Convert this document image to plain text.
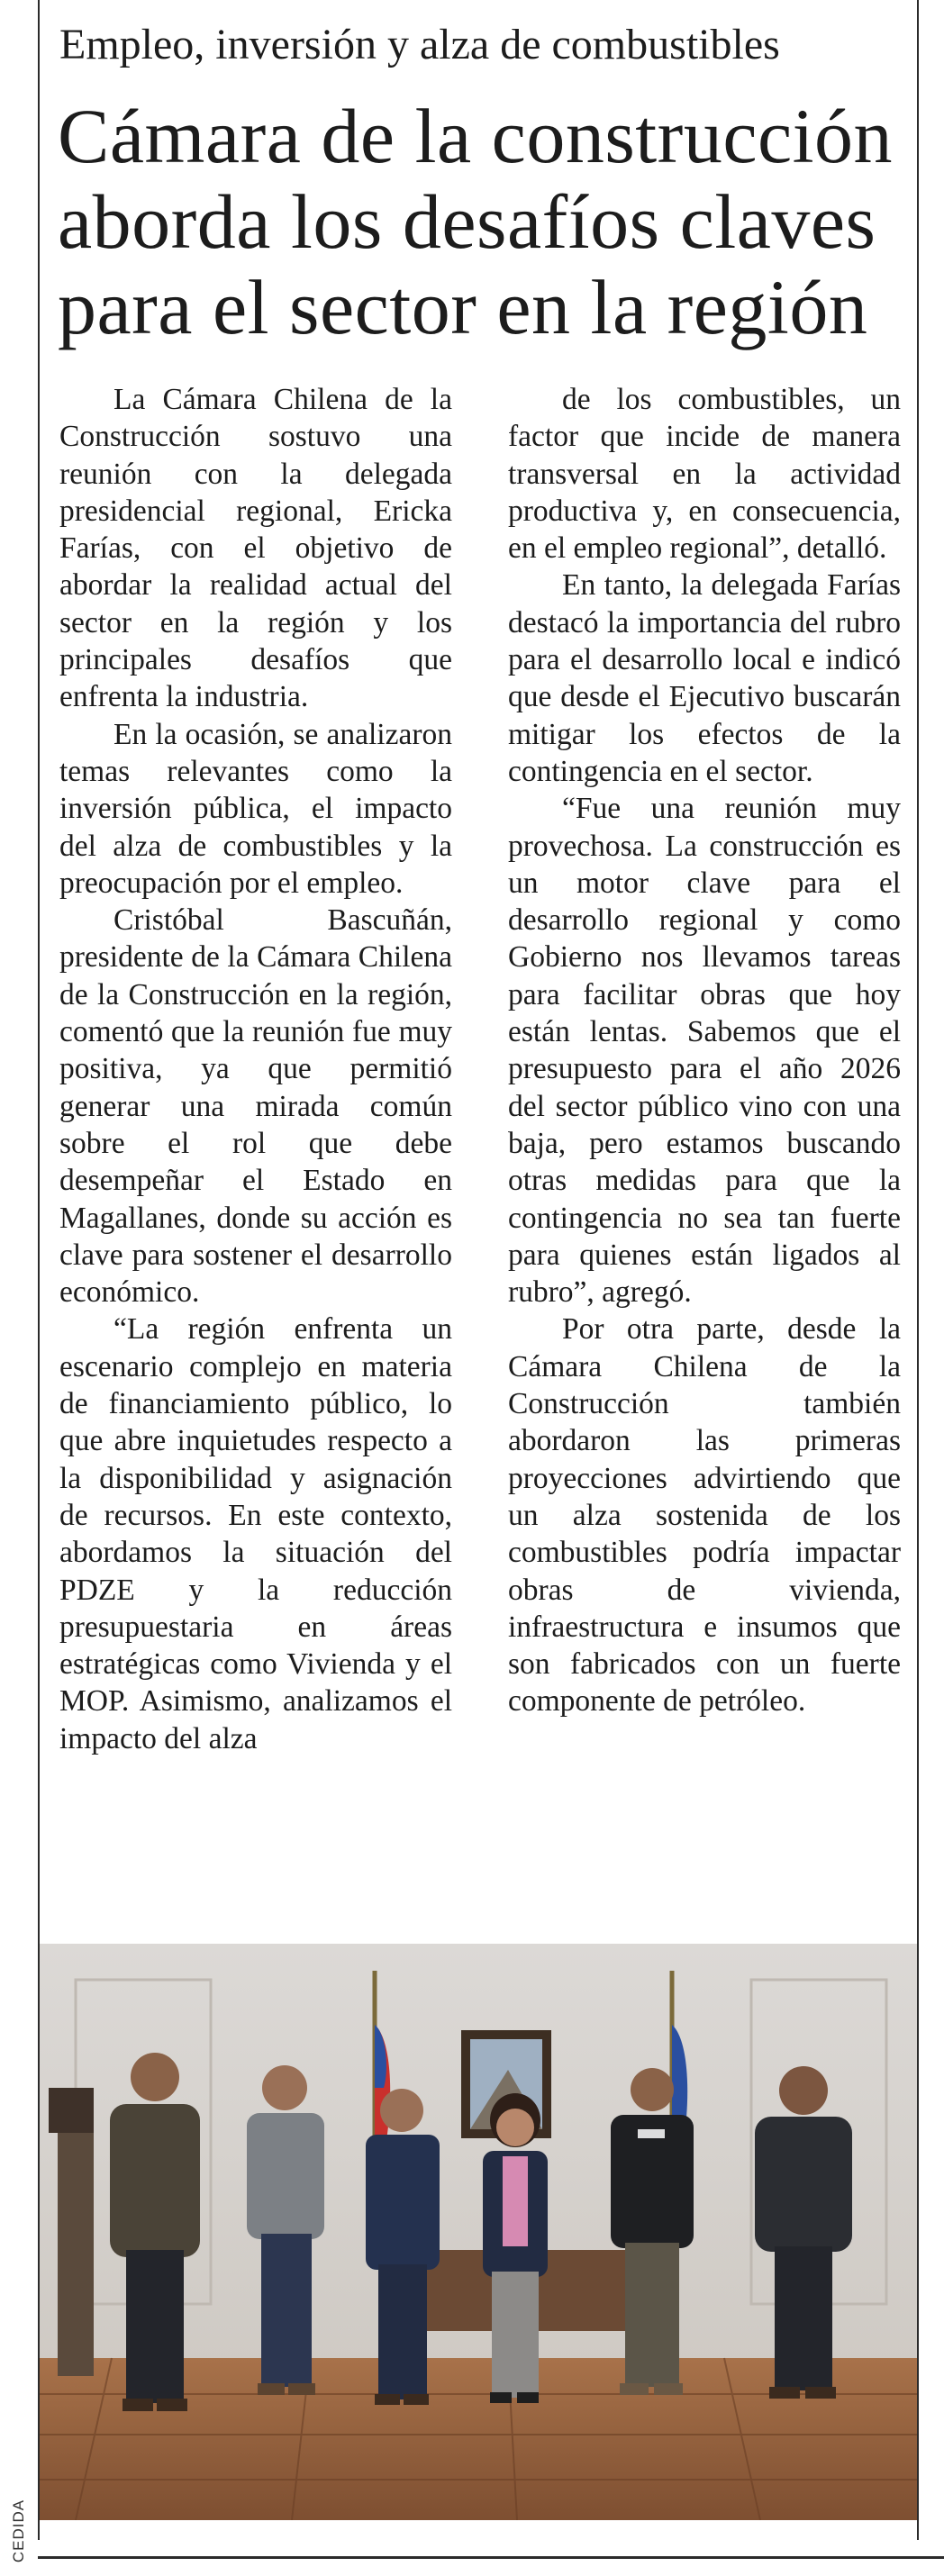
Empleo, inversión y alza de combustibles
Cámara de la construcción
aborda los desafíos claves
para el sector en la región

La Cámara Chilena de la Construcción sostuvo una reunión con la delegada presidencial regional, Ericka Farías, con el objetivo de abordar la realidad actual del sector en la región y los principales desafíos que enfrenta la industria.

En la ocasión, se analizaron temas relevantes como la inversión pública, el impacto del alza de combustibles y la preocupación por el empleo.

Cristóbal Bascuñán, presidente de la Cámara Chilena de la Construcción en la región, comentó que la reunión fue muy positiva, ya que permitió generar una mirada común sobre el rol que debe desempeñar el Estado en Magallanes, donde su acción es clave para sostener el desarrollo económico.

“La región enfrenta un escenario complejo en materia de financiamiento público, lo que abre inquietudes respecto a la disponibilidad y asignación de recursos. En este contexto, abordamos la situación del PDZE y la reducción presupuestaria en áreas estratégicas como Vivienda y el MOP. Asimismo, analizamos el impacto del alza

de los combustibles, un factor que incide de manera transversal en la actividad productiva y, en consecuencia, en el empleo regional”, detalló.

En tanto, la delegada Farías destacó la importancia del rubro para el desarrollo local e indicó que desde el Ejecutivo buscarán mitigar los efectos de la contingencia en el sector.

“Fue una reunión muy provechosa. La construcción es un motor clave para el desarrollo regional y como Gobierno nos llevamos tareas para facilitar obras que hoy están lentas. Sabemos que el presupuesto para el año 2026 del sector público vino con una baja, pero estamos buscando otras medidas para que la contingencia no sea tan fuerte para quienes están ligados al rubro”, agregó.

Por otra parte, desde la Cámara Chilena de la Construcción también abordaron las primeras proyecciones advirtiendo que un alza sostenida de los combustibles podría impactar obras de vivienda, infraestructura e insumos que son fabricados con un fuerte componente de petróleo.

CEDIDA
